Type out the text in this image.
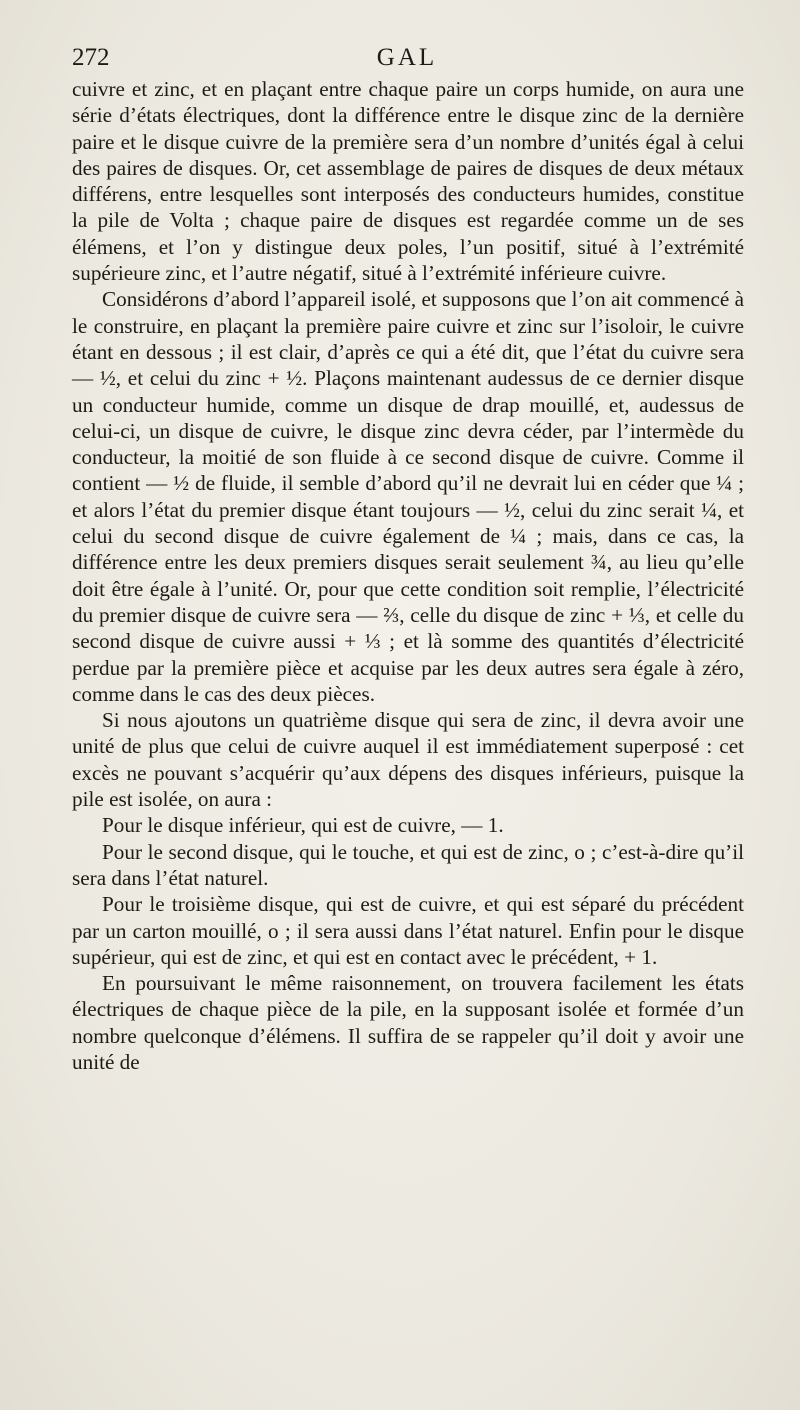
272	GAL

cuivre et zinc, et en plaçant entre chaque paire un corps humide, on aura une série d’états électriques, dont la différence entre le disque zinc de la dernière paire et le disque cuivre de la première sera d’un nombre d’unités égal à celui des paires de disques. Or, cet assemblage de paires de disques de deux métaux différens, entre lesquelles sont interposés des conducteurs humides, constitue la pile de Volta ; chaque paire de disques est regardée comme un de ses élémens, et l’on y distingue deux poles, l’un positif, situé à l’extrémité supérieure zinc, et l’autre négatif, situé à l’extrémité inférieure cuivre.

Considérons d’abord l’appareil isolé, et supposons que l’on ait commencé à le construire, en plaçant la première paire cuivre et zinc sur l’isoloir, le cuivre étant en dessous ; il est clair, d’après ce qui a été dit, que l’état du cuivre sera — ½, et celui du zinc + ½. Plaçons maintenant audessus de ce dernier disque un conducteur humide, comme un disque de drap mouillé, et, audessus de celui-ci, un disque de cuivre, le disque zinc devra céder, par l’intermède du conducteur, la moitié de son fluide à ce second disque de cuivre. Comme il contient — ½ de fluide, il semble d’abord qu’il ne devrait lui en céder que ¼ ; et alors l’état du premier disque étant toujours — ½, celui du zinc serait ¼, et celui du second disque de cuivre également de ¼ ; mais, dans ce cas, la différence entre les deux premiers disques serait seulement ¾, au lieu qu’elle doit être égale à l’unité. Or, pour que cette condition soit remplie, l’électricité du premier disque de cuivre sera — ⅔, celle du disque de zinc + ⅓, et celle du second disque de cuivre aussi + ⅓ ; et là somme des quantités d’électricité perdue par la première pièce et acquise par les deux autres sera égale à zéro, comme dans le cas des deux pièces.

Si nous ajoutons un quatrième disque qui sera de zinc, il devra avoir une unité de plus que celui de cuivre auquel il est immédiatement superposé : cet excès ne pouvant s’acquérir qu’aux dépens des disques inférieurs, puisque la pile est isolée, on aura :

Pour le disque inférieur, qui est de cuivre, — 1.

Pour le second disque, qui le touche, et qui est de zinc, o ; c’est-à-dire qu’il sera dans l’état naturel.

Pour le troisième disque, qui est de cuivre, et qui est séparé du précédent par un carton mouillé, o ; il sera aussi dans l’état naturel. Enfin pour le disque supérieur, qui est de zinc, et qui est en contact avec le précédent, + 1.

En poursuivant le même raisonnement, on trouvera facilement les états électriques de chaque pièce de la pile, en la supposant isolée et formée d’un nombre quelconque d’élémens. Il suffira de se rappeler qu’il doit y avoir une unité de
